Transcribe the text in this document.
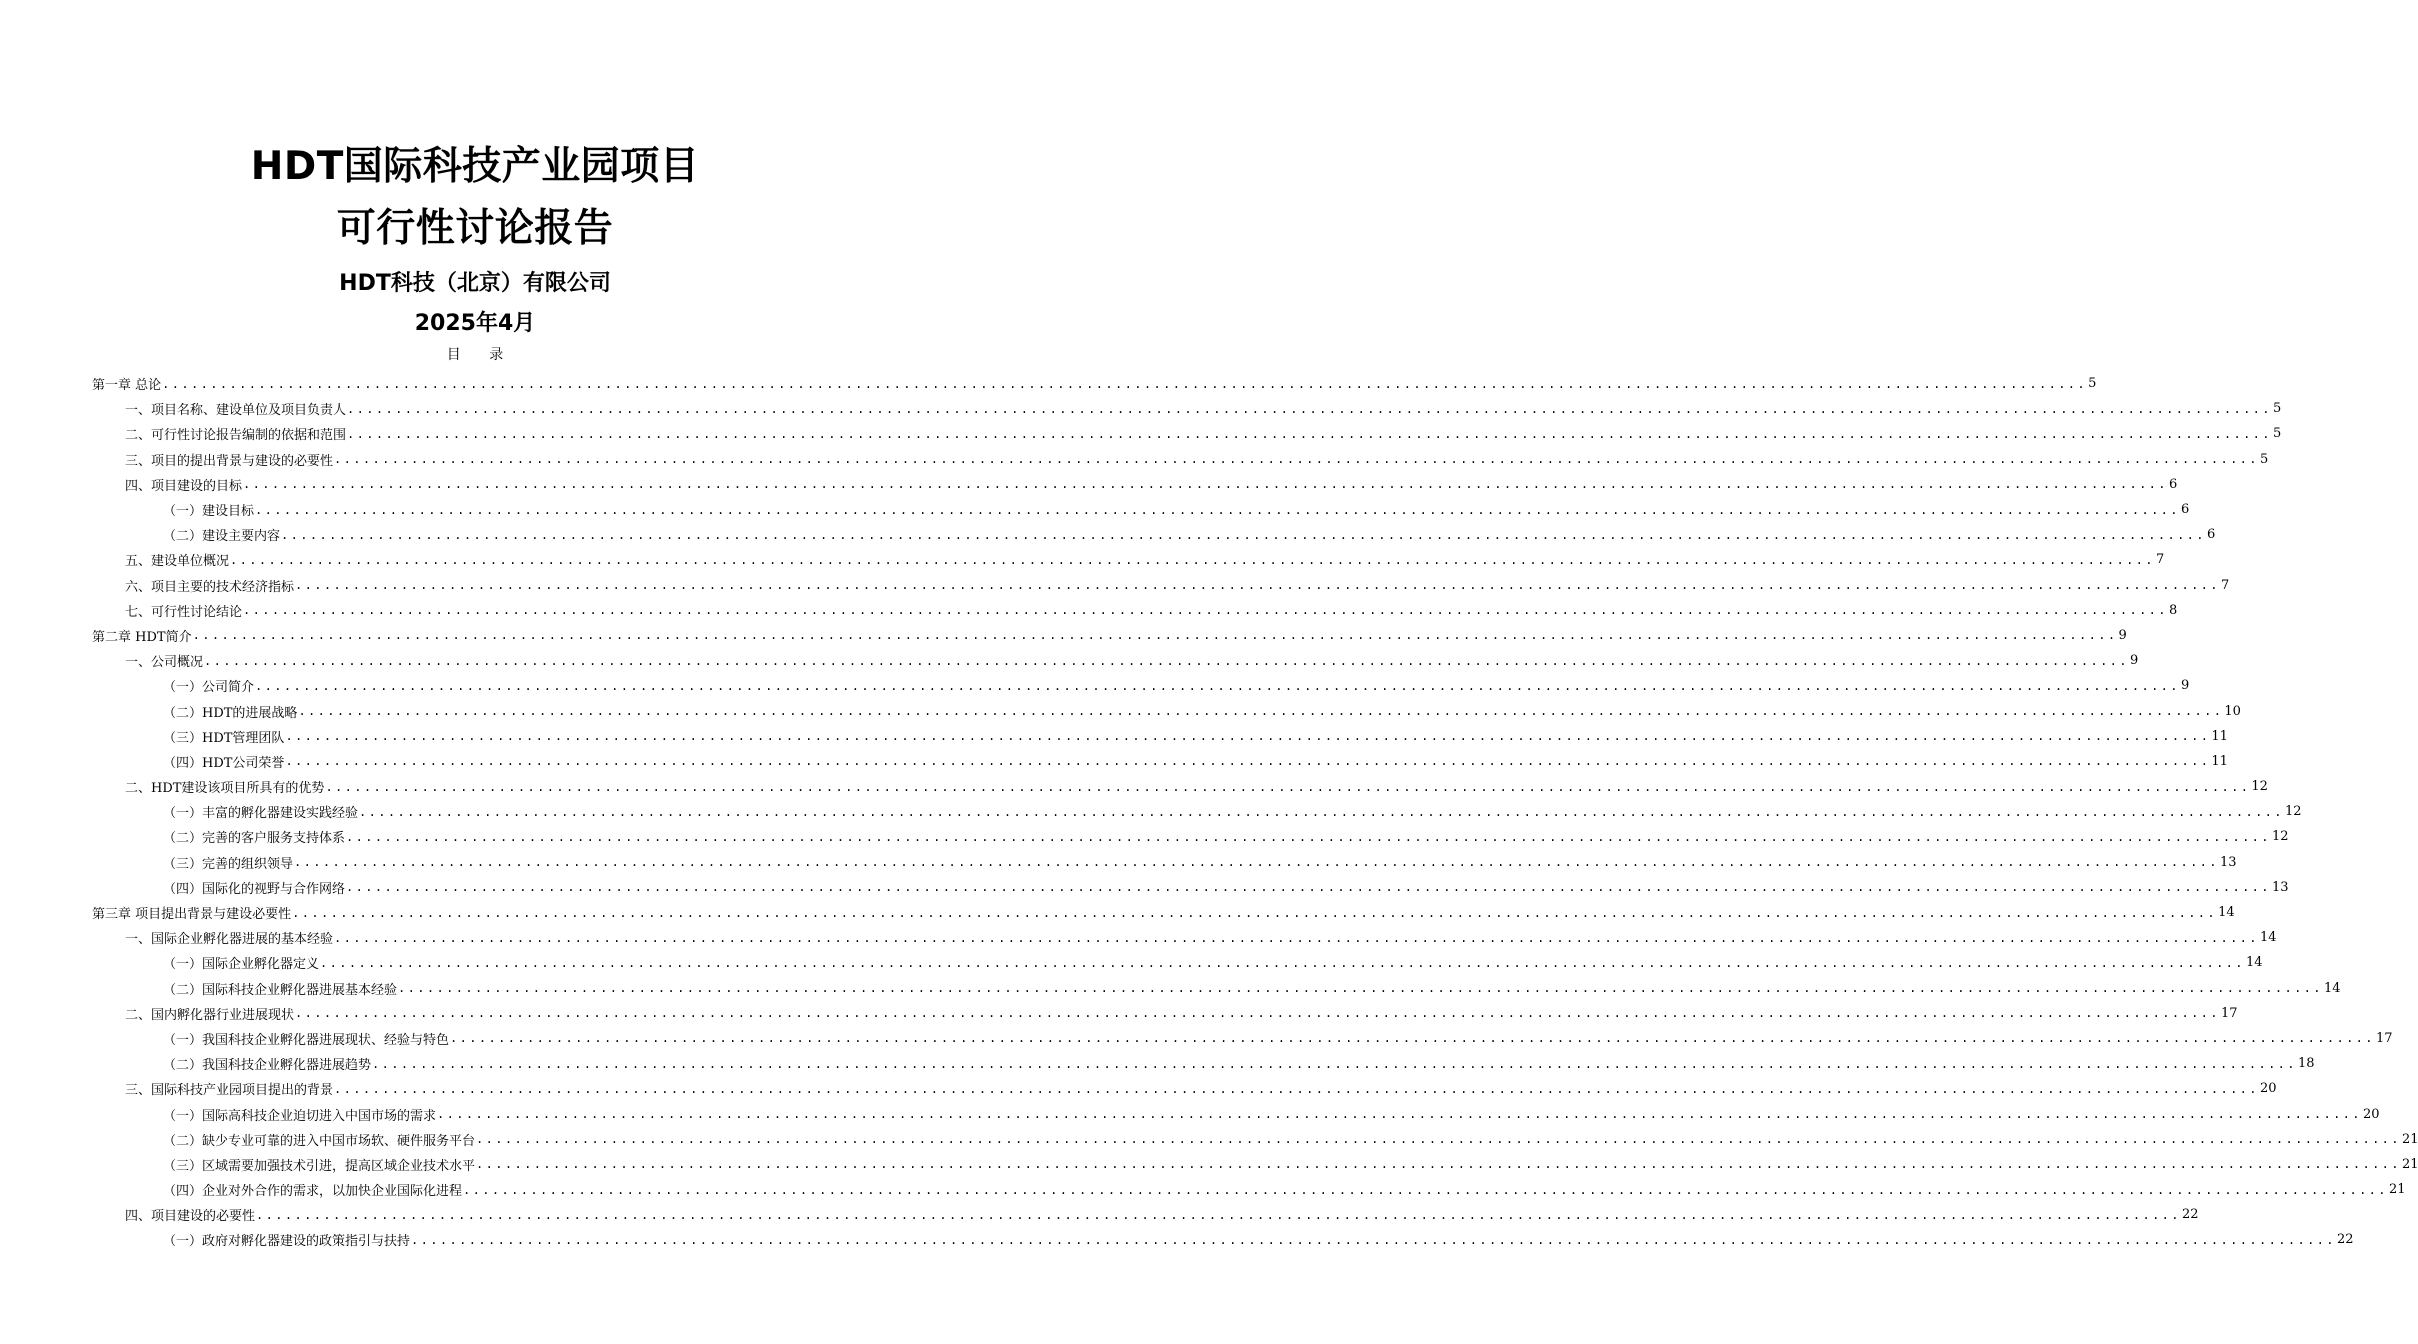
HDT国际科技产业园项目
可行性讨论报告
HDT科技（北京）有限公司
2025年4月
目 录
第一章 总论 ........................................................................................................................................................................................................ 5
一、项目名称、建设单位及项目负责人 ........................................................................................................................................................................................................ 5
二、可行性讨论报告编制的依据和范围 ........................................................................................................................................................................................................ 5
三、项目的提出背景与建设的必要性 ........................................................................................................................................................................................................ 5
四、项目建设的目标 ........................................................................................................................................................................................................ 6
（一）建设目标 ........................................................................................................................................................................................................ 6
（二）建设主要内容 ........................................................................................................................................................................................................ 6
五、建设单位概况 ........................................................................................................................................................................................................ 7
六、项目主要的技术经济指标 ........................................................................................................................................................................................................ 7
七、可行性讨论结论 ........................................................................................................................................................................................................ 8
第二章 HDT简介 ........................................................................................................................................................................................................ 9
一、公司概况 ........................................................................................................................................................................................................ 9
（一）公司简介 ........................................................................................................................................................................................................ 9
（二）HDT的进展战略 ........................................................................................................................................................................................................ 10
（三）HDT管理团队 ........................................................................................................................................................................................................ 11
（四）HDT公司荣誉 ........................................................................................................................................................................................................ 11
二、HDT建设该项目所具有的优势 ........................................................................................................................................................................................................ 12
（一）丰富的孵化器建设实践经验 ........................................................................................................................................................................................................ 12
（二）完善的客户服务支持体系 ........................................................................................................................................................................................................ 12
（三）完善的组织领导 ........................................................................................................................................................................................................ 13
（四）国际化的视野与合作网络 ........................................................................................................................................................................................................ 13
第三章 项目提出背景与建设必要性 ........................................................................................................................................................................................................ 14
一、国际企业孵化器进展的基本经验 ........................................................................................................................................................................................................ 14
（一）国际企业孵化器定义 ........................................................................................................................................................................................................ 14
（二）国际科技企业孵化器进展基本经验 ........................................................................................................................................................................................................ 14
二、国内孵化器行业进展现状 ........................................................................................................................................................................................................ 17
（一）我国科技企业孵化器进展现状、经验与特色 ........................................................................................................................................................................................................ 17
（二）我国科技企业孵化器进展趋势 ........................................................................................................................................................................................................ 18
三、国际科技产业园项目提出的背景 ........................................................................................................................................................................................................ 20
（一）国际高科技企业迫切进入中国市场的需求 ........................................................................................................................................................................................................ 20
（二）缺少专业可靠的进入中国市场软、硬件服务平台 ........................................................................................................................................................................................................ 21
（三）区域需要加强技术引进，提高区域企业技术水平 ........................................................................................................................................................................................................ 21
（四）企业对外合作的需求，以加快企业国际化进程 ........................................................................................................................................................................................................ 21
四、项目建设的必要性 ........................................................................................................................................................................................................ 22
（一）政府对孵化器建设的政策指引与扶持 ........................................................................................................................................................................................................ 22
